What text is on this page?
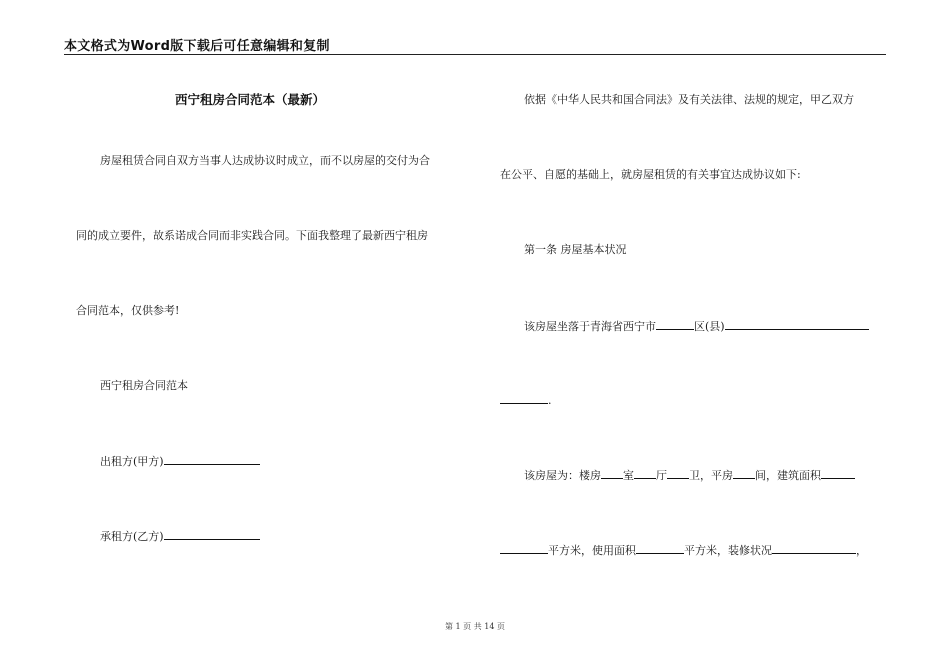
本文格式为Word版下载后可任意编辑和复制
西宁租房合同范本（最新）
房屋租赁合同自双方当事人达成协议时成立，而不以房屋的交付为合
同的成立要件，故系诺成合同而非实践合同。下面我整理了最新西宁租房
合同范本，仅供参考!
西宁租房合同范本
出租方(甲方)
承租方(乙方)
依据《中华人民共和国合同法》及有关法律、法规的规定，甲乙双方
在公平、自愿的基础上，就房屋租赁的有关事宜达成协议如下:
第一条 房屋基本状况
该房屋坐落于青海省西宁市	区(县)
.
该房屋为：楼房 室 厅 卫，平房 间，建筑面积
平方米，使用面积	平方米，装修状况	，
第 1 页 共 14 页
